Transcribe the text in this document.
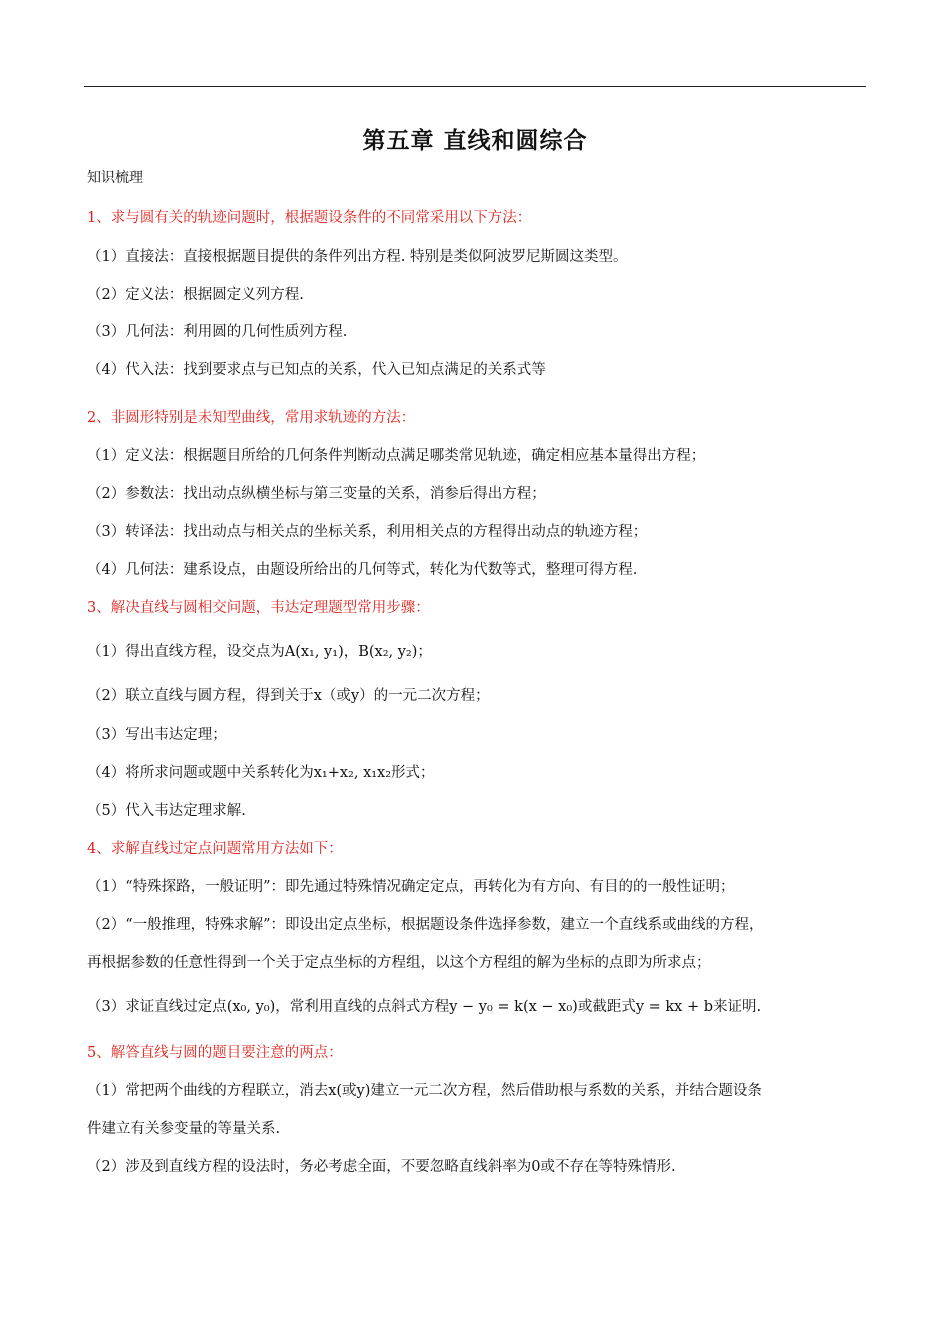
第五章 直线和圆综合
知识梳理
1、求与圆有关的轨迹问题时，根据题设条件的不同常采用以下方法：
（1）直接法：直接根据题目提供的条件列出方程. 特别是类似阿波罗尼斯圆这类型。
（2）定义法：根据圆定义列方程.
（3）几何法：利用圆的几何性质列方程.
（4）代入法：找到要求点与已知点的关系，代入已知点满足的关系式等
2、非圆形特别是未知型曲线，常用求轨迹的方法：
（1）定义法：根据题目所给的几何条件判断动点满足哪类常见轨迹，确定相应基本量得出方程；
（2）参数法：找出动点纵横坐标与第三变量的关系，消参后得出方程；
（3）转译法：找出动点与相关点的坐标关系，利用相关点的方程得出动点的轨迹方程；
（4）几何法：建系设点，由题设所给出的几何等式，转化为代数等式，整理可得方程.
3、解决直线与圆相交问题，韦达定理题型常用步骤：
（1）得出直线方程，设交点为A(x₁, y₁)，B(x₂, y₂)；
（2）联立直线与圆方程，得到关于x（或y）的一元二次方程；
（3）写出韦达定理；
（4）将所求问题或题中关系转化为x₁+x₂, x₁x₂形式；
（5）代入韦达定理求解.
4、求解直线过定点问题常用方法如下：
（1）“特殊探路，一般证明”：即先通过特殊情况确定定点，再转化为有方向、有目的的一般性证明；
（2）“一般推理，特殊求解”：即设出定点坐标，根据题设条件选择参数，建立一个直线系或曲线的方程，
再根据参数的任意性得到一个关于定点坐标的方程组，以这个方程组的解为坐标的点即为所求点；
（3）求证直线过定点(x₀, y₀)，常利用直线的点斜式方程y − y₀ = k(x − x₀)或截距式y = kx + b来证明.
5、解答直线与圆的题目要注意的两点：
（1）常把两个曲线的方程联立，消去x(或y)建立一元二次方程，然后借助根与系数的关系，并结合题设条
件建立有关参变量的等量关系.
（2）涉及到直线方程的设法时，务必考虑全面，不要忽略直线斜率为0或不存在等特殊情形.
